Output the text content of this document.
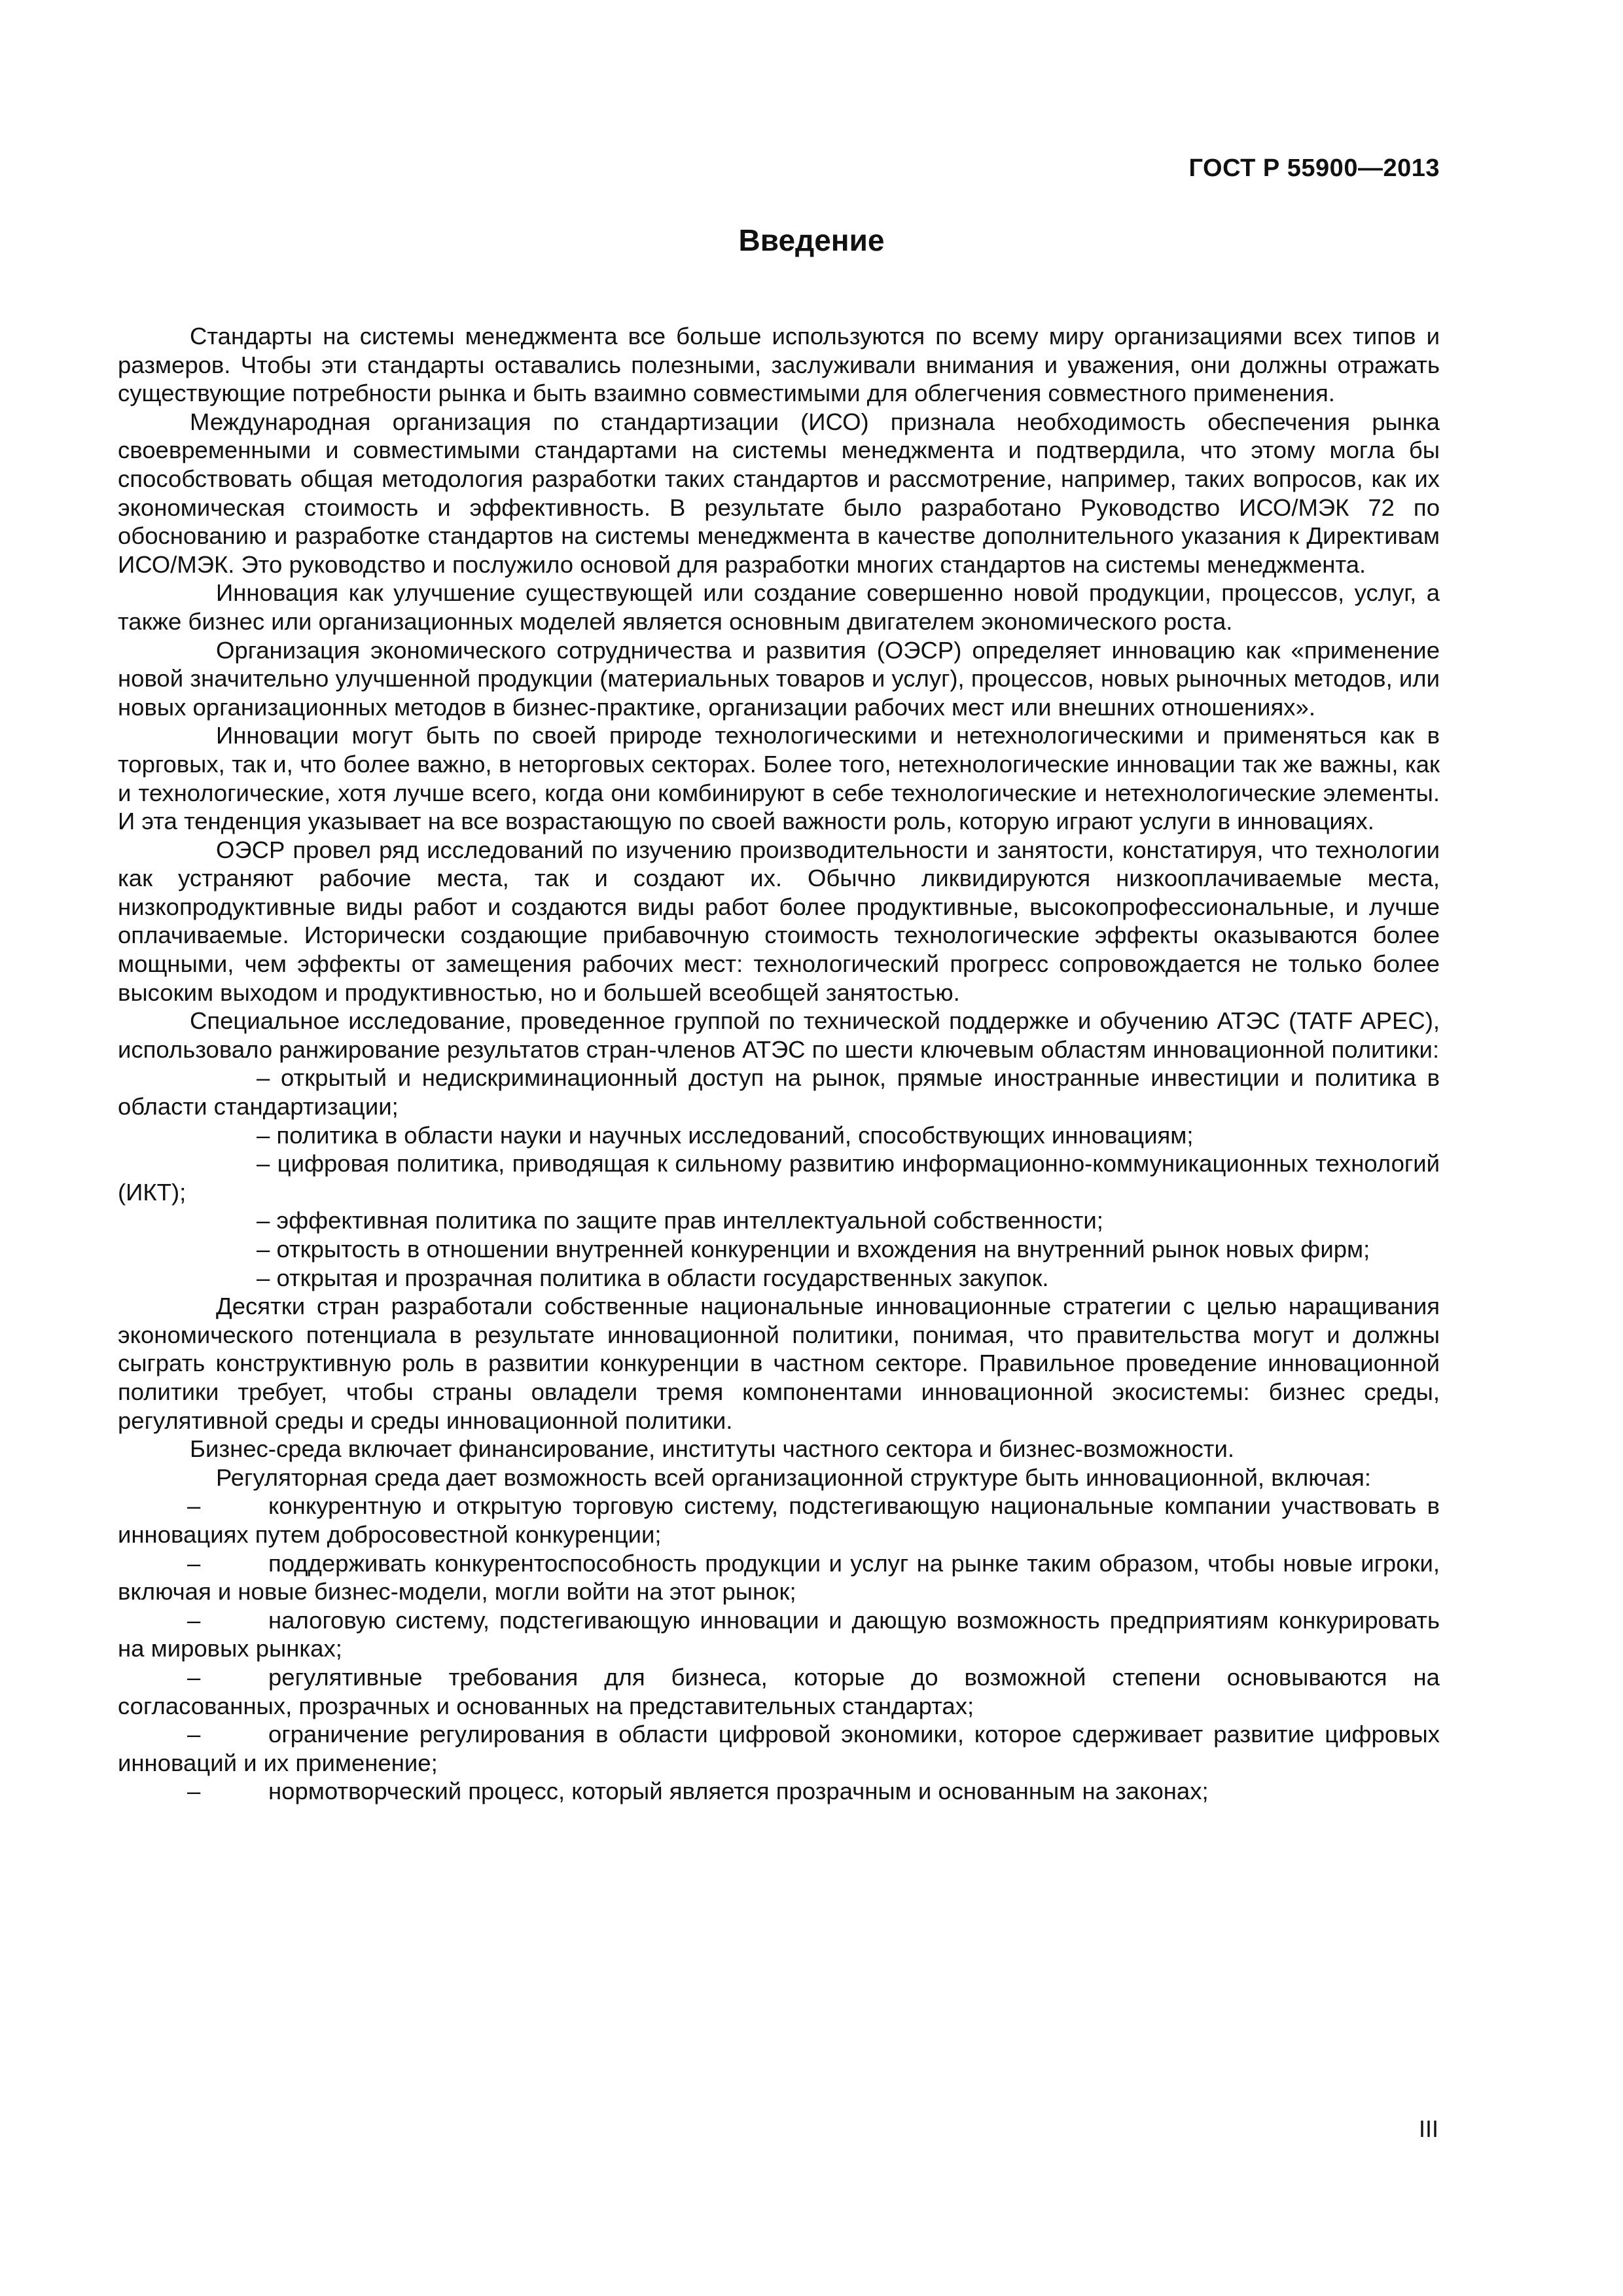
ГОСТ Р 55900—2013
Введение

Стандарты на системы менеджмента все больше используются по всему миру организациями всех типов и размеров. Чтобы эти стандарты оставались полезными, заслуживали внимания и уважения, они должны отражать существующие потребности рынка и быть взаимно совместимыми для облегчения совместного применения.

Международная организация по стандартизации (ИСО) признала необходимость обеспечения рынка своевременными и совместимыми стандартами на системы менеджмента и подтвердила, что этому могла бы способствовать общая методология разработки таких стандартов и рассмотрение, например, таких вопросов, как их экономическая стоимость и эффективность. В результате было разработано Руководство ИСО/МЭК 72 по обоснованию и разработке стандартов на системы менеджмента в качестве дополнительного указания к Директивам ИСО/МЭК. Это руководство и послужило основой для разработки многих стандартов на системы менеджмента.

Инновация как улучшение существующей или создание совершенно новой продукции, процессов, услуг, а также бизнес или организационных моделей является основным двигателем экономического роста.

Организация экономического сотрудничества и развития (ОЭСР) определяет инновацию как «применение новой значительно улучшенной продукции (материальных товаров и услуг), процессов, новых рыночных методов, или новых организационных методов в бизнес-практике, организации рабочих мест или внешних отношениях».

Инновации могут быть по своей природе технологическими и нетехнологическими и применяться как в торговых, так и, что более важно, в неторговых секторах. Более того, нетехнологические инновации так же важны, как и технологические, хотя лучше всего, когда они комбинируют в себе технологические и нетехнологические элементы. И эта тенденция указывает на все возрастающую по своей важности роль, которую играют услуги в инновациях.

ОЭСР провел ряд исследований по изучению производительности и занятости, констатируя, что технологии как устраняют рабочие места, так и создают их. Обычно ликвидируются низкооплачиваемые места, низкопродуктивные виды работ и создаются виды работ более продуктивные, высокопрофессиональные, и лучше оплачиваемые. Исторически создающие прибавочную стоимость технологические эффекты оказываются более мощными, чем эффекты от замещения рабочих мест: технологический прогресс сопровождается не только более высоким выходом и продуктивностью, но и большей всеобщей занятостью.

Специальное исследование, проведенное группой по технической поддержке и обучению АТЭС (TATF APEC), использовало ранжирование результатов стран-членов АТЭС по шести ключевым областям инновационной политики:

– открытый и недискриминационный доступ на рынок, прямые иностранные инвестиции и политика в области стандартизации;

– политика в области науки и научных исследований, способствующих инновациям;

– цифровая политика, приводящая к сильному развитию информационно-коммуникационных технологий (ИКТ);

– эффективная политика по защите прав интеллектуальной собственности;

– открытость в отношении внутренней конкуренции и вхождения на внутренний рынок новых фирм;

– открытая и прозрачная политика в области государственных закупок.

Десятки стран разработали собственные национальные инновационные стратегии с целью наращивания экономического потенциала в результате инновационной политики, понимая, что правительства могут и должны сыграть конструктивную роль в развитии конкуренции в частном секторе. Правильное проведение инновационной политики требует, чтобы страны овладели тремя компонентами инновационной экосистемы: бизнес среды, регулятивной среды и среды инновационной политики.

Бизнес-среда включает финансирование, институты частного сектора и бизнес-возможности.

Регуляторная среда дает возможность всей организационной структуре быть инновационной, включая:

–	конкурентную и открытую торговую систему, подстегивающую национальные компании участвовать в инновациях путем добросовестной конкуренции;

–	поддерживать конкурентоспособность продукции и услуг на рынке таким образом, чтобы новые игроки, включая и новые бизнес-модели, могли войти на этот рынок;

–	налоговую систему, подстегивающую инновации и дающую возможность предприятиям конкурировать на мировых рынках;

–	регулятивные требования для бизнеса, которые до возможной степени основываются на согласованных, прозрачных и основанных на представительных стандартах;

–	ограничение регулирования в области цифровой экономики, которое сдерживает развитие цифровых инноваций и их применение;

–	нормотворческий процесс, который является прозрачным и основанным на законах;

III
